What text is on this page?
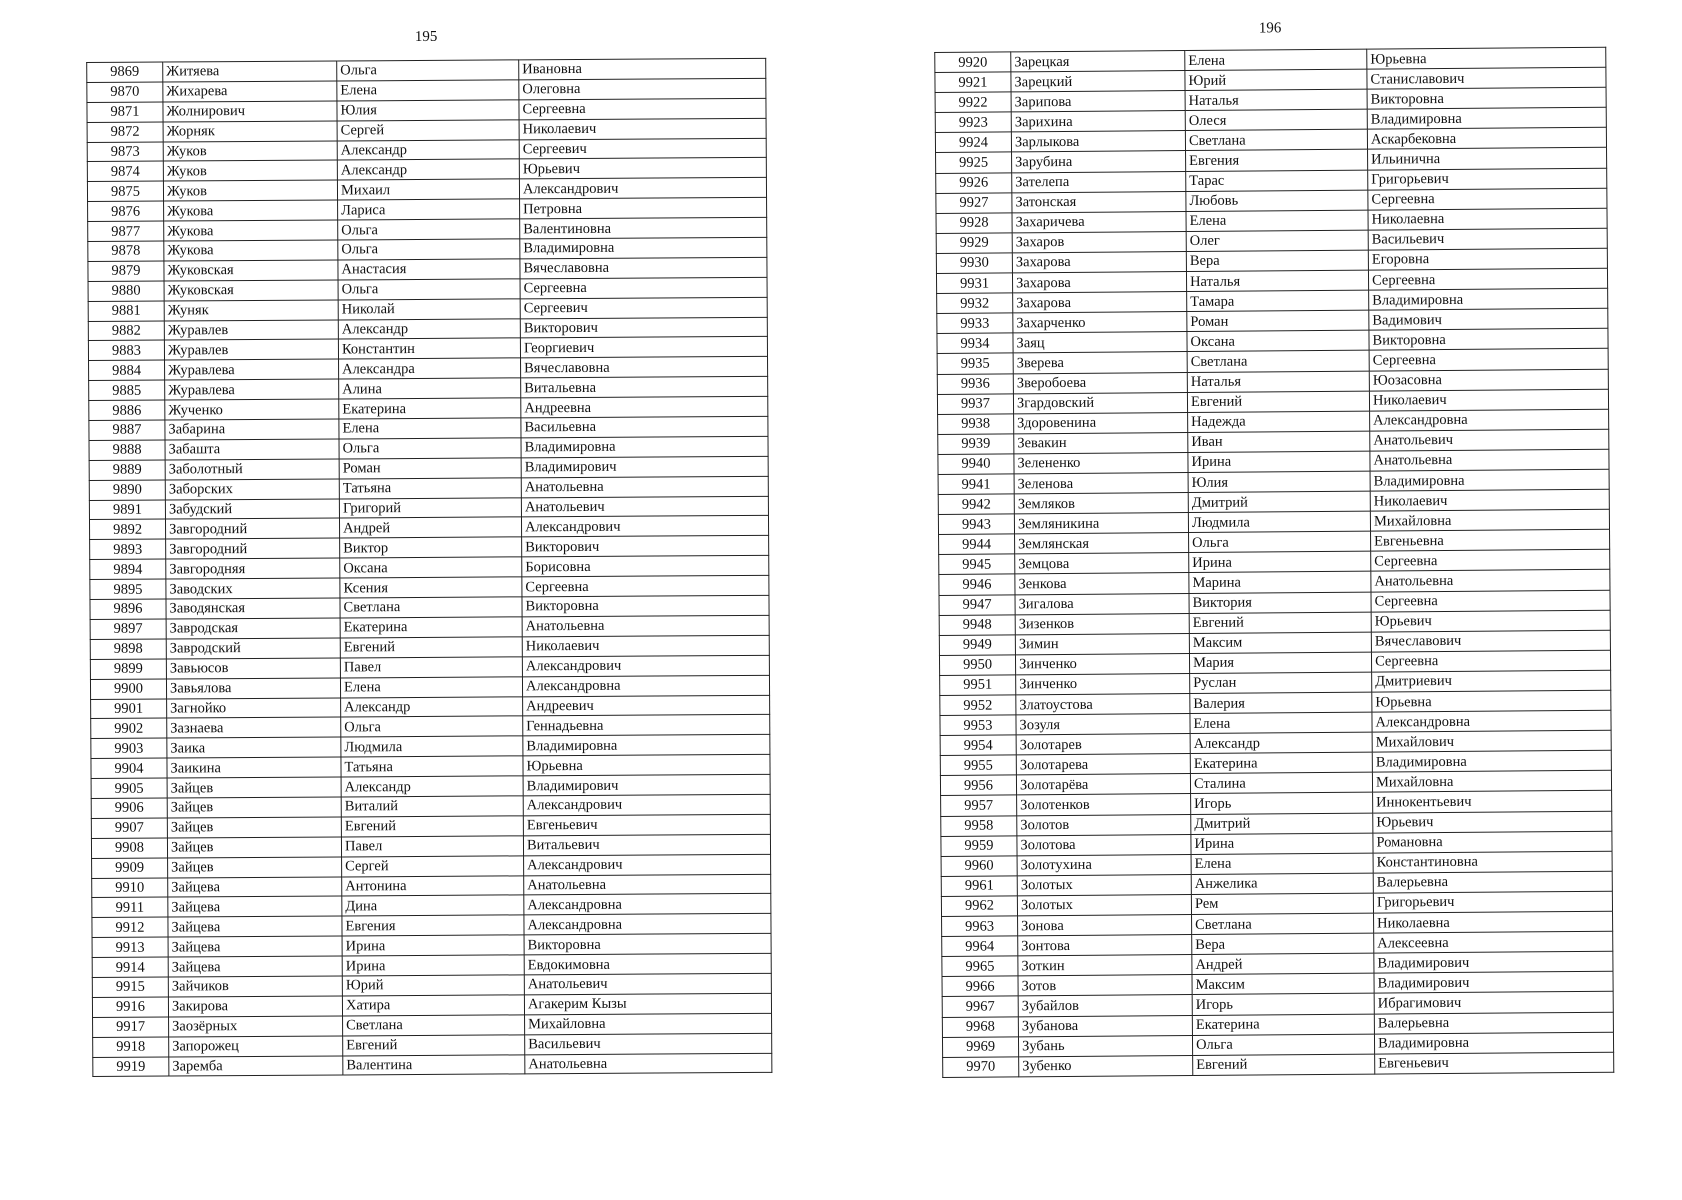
195
9869	Житяева	Ольга	Ивановна
9870	Жихарева	Елена	Олеговна
9871	Жолнирович	Юлия	Сергеевна
9872	Жорняк	Сергей	Николаевич
9873	Жуков	Александр	Сергеевич
9874	Жуков	Александр	Юрьевич
9875	Жуков	Михаил	Александрович
9876	Жукова	Лариса	Петровна
9877	Жукова	Ольга	Валентиновна
9878	Жукова	Ольга	Владимировна
9879	Жуковская	Анастасия	Вячеславовна
9880	Жуковская	Ольга	Сергеевна
9881	Жуняк	Николай	Сергеевич
9882	Журавлев	Александр	Викторович
9883	Журавлев	Константин	Георгиевич
9884	Журавлева	Александра	Вячеславовна
9885	Журавлева	Алина	Витальевна
9886	Жученко	Екатерина	Андреевна
9887	Забарина	Елена	Васильевна
9888	Забашта	Ольга	Владимировна
9889	Заболотный	Роман	Владимирович
9890	Заборских	Татьяна	Анатольевна
9891	Забудский	Григорий	Анатольевич
9892	Завгородний	Андрей	Александрович
9893	Завгородний	Виктор	Викторович
9894	Завгородняя	Оксана	Борисовна
9895	Заводских	Ксения	Сергеевна
9896	Заводянская	Светлана	Викторовна
9897	Завродская	Екатерина	Анатольевна
9898	Завродский	Евгений	Николаевич
9899	Завьюсов	Павел	Александрович
9900	Завьялова	Елена	Александровна
9901	Загнойко	Александр	Андреевич
9902	Зазнаева	Ольга	Геннадьевна
9903	Заика	Людмила	Владимировна
9904	Заикина	Татьяна	Юрьевна
9905	Зайцев	Александр	Владимирович
9906	Зайцев	Виталий	Александрович
9907	Зайцев	Евгений	Евгеньевич
9908	Зайцев	Павел	Витальевич
9909	Зайцев	Сергей	Александрович
9910	Зайцева	Антонина	Анатольевна
9911	Зайцева	Дина	Александровна
9912	Зайцева	Евгения	Александровна
9913	Зайцева	Ирина	Викторовна
9914	Зайцева	Ирина	Евдокимовна
9915	Зайчиков	Юрий	Анатольевич
9916	Закирова	Хатира	Агакерим Кызы
9917	Заозёрных	Светлана	Михайловна
9918	Запорожец	Евгений	Васильевич
9919	Заремба	Валентина	Анатольевна
196
9920	Зарецкая	Елена	Юрьевна
9921	Зарецкий	Юрий	Станиславович
9922	Зарипова	Наталья	Викторовна
9923	Зарихина	Олеся	Владимировна
9924	Зарлыкова	Светлана	Аскарбековна
9925	Зарубина	Евгения	Ильинична
9926	Зателепа	Тарас	Григорьевич
9927	Затонская	Любовь	Сергеевна
9928	Захаричева	Елена	Николаевна
9929	Захаров	Олег	Васильевич
9930	Захарова	Вера	Егоровна
9931	Захарова	Наталья	Сергеевна
9932	Захарова	Тамара	Владимировна
9933	Захарченко	Роман	Вадимович
9934	Заяц	Оксана	Викторовна
9935	Зверева	Светлана	Сергеевна
9936	Зверобоева	Наталья	Юозасовна
9937	Згардовский	Евгений	Николаевич
9938	Здоровенина	Надежда	Александровна
9939	Зевакин	Иван	Анатольевич
9940	Зелененко	Ирина	Анатольевна
9941	Зеленова	Юлия	Владимировна
9942	Земляков	Дмитрий	Николаевич
9943	Земляникина	Людмила	Михайловна
9944	Землянская	Ольга	Евгеньевна
9945	Земцова	Ирина	Сергеевна
9946	Зенкова	Марина	Анатольевна
9947	Зигалова	Виктория	Сергеевна
9948	Зизенков	Евгений	Юрьевич
9949	Зимин	Максим	Вячеславович
9950	Зинченко	Мария	Сергеевна
9951	Зинченко	Руслан	Дмитриевич
9952	Златоустова	Валерия	Юрьевна
9953	Зозуля	Елена	Александровна
9954	Золотарев	Александр	Михайлович
9955	Золотарева	Екатерина	Владимировна
9956	Золотарёва	Сталина	Михайловна
9957	Золотенков	Игорь	Иннокентьевич
9958	Золотов	Дмитрий	Юрьевич
9959	Золотова	Ирина	Романовна
9960	Золотухина	Елена	Константиновна
9961	Золотых	Анжелика	Валерьевна
9962	Золотых	Рем	Григорьевич
9963	Зонова	Светлана	Николаевна
9964	Зонтова	Вера	Алексеевна
9965	Зоткин	Андрей	Владимирович
9966	Зотов	Максим	Владимирович
9967	Зубайлов	Игорь	Ибрагимович
9968	Зубанова	Екатерина	Валерьевна
9969	Зубань	Ольга	Владимировна
9970	Зубенко	Евгений	Евгеньевич
